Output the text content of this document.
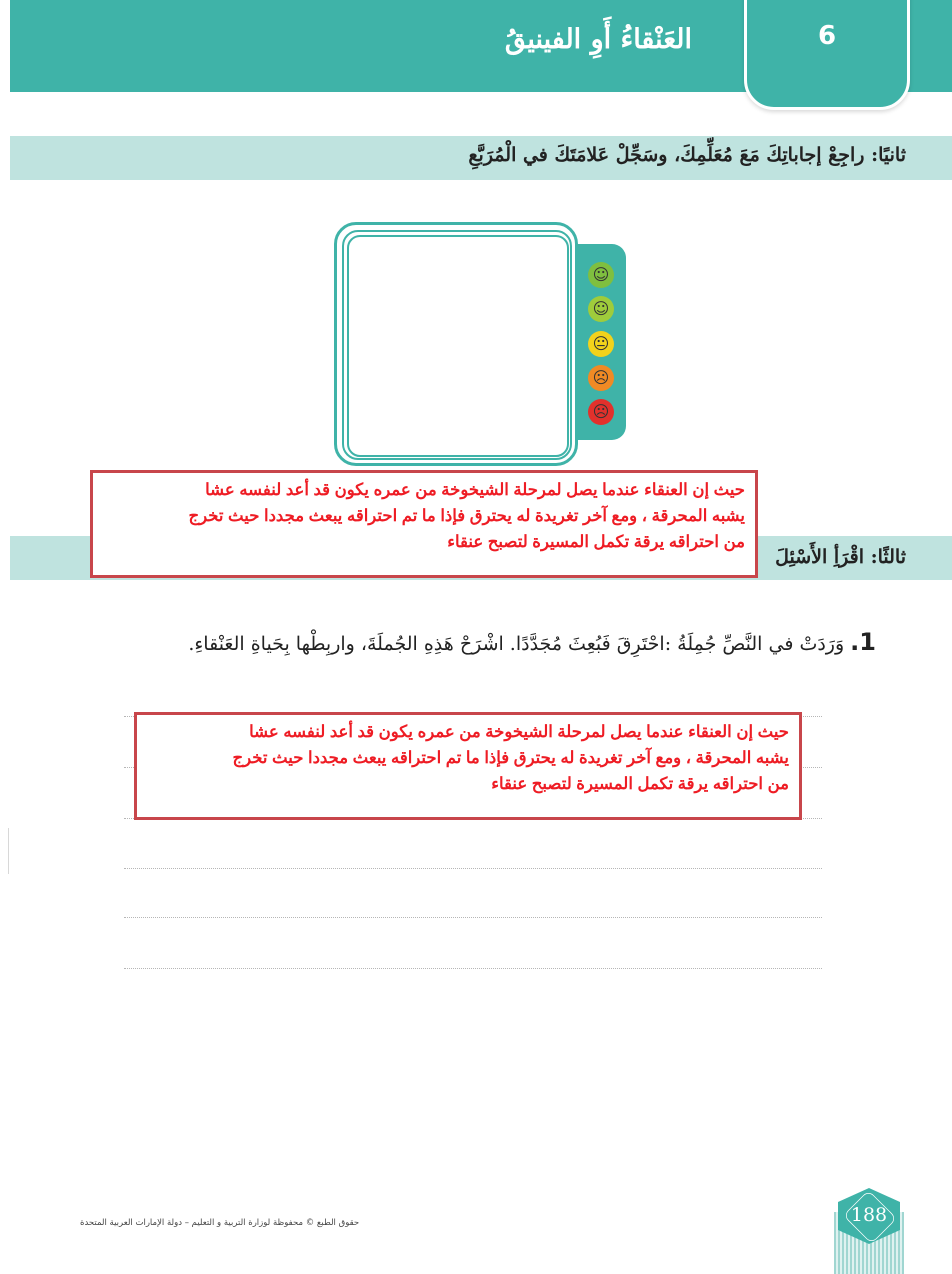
العَنْقاءُ أَوِ الفينيقُ	6
ثانيًا: راجِعْ إجاباتِكَ مَعَ مُعَلِّمِكَ، وسَجِّلْ عَلامَتَكَ في الْمُرَبَّعِ
☺
☺
😐
☹
☹
ثالثًا: اقْرَأِ الأَسْئِلَ
حيث إن العنقاء عندما يصل لمرحلة الشيخوخة من عمره يكون قد أعد لنفسه عشا
يشبه المحرقة ، ومع آخر تغريدة له يحترق فإذا ما تم احتراقه يبعث مجددا حيث تخرج
من احتراقه يرقة تكمل المسيرة لتصبح عنقاء
1.وَرَدَتْ في النَّصِّ جُمِلَةُ :احْتَرِقَ فَبُعِثَ مُجَدَّدًا. اشْرَحْ هَذِهِ الجُملَةَ، واربِطْها بِحَياةِ العَنْقاءِ.
حيث إن العنقاء عندما يصل لمرحلة الشيخوخة من عمره يكون قد أعد لنفسه عشا
يشبه المحرقة ، ومع آخر تغريدة له يحترق فإذا ما تم احتراقه يبعث مجددا حيث تخرج
من احتراقه يرقة تكمل المسيرة لتصبح عنقاء
حقوق الطبع © محفوظة لوزارة التربية و التعليم – دولة الإمارات العربية المتحدة	188
